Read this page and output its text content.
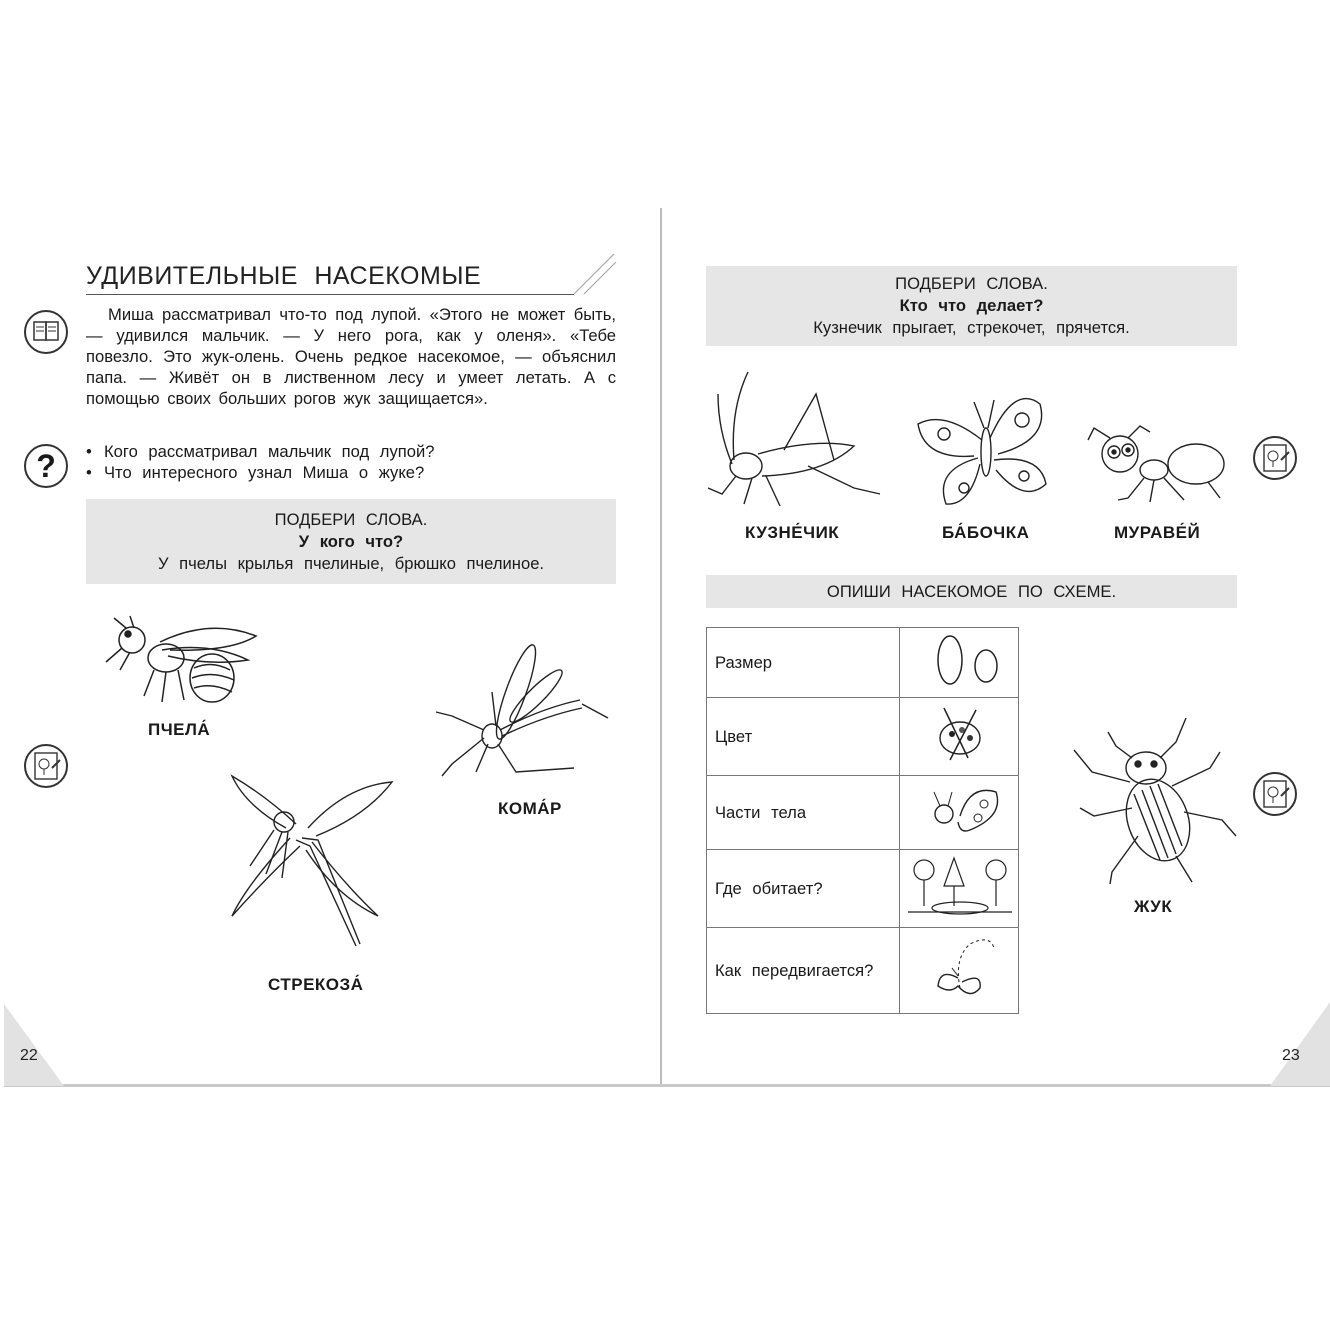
УДИВИТЕЛЬНЫЕ НАСЕКОМЫЕ

Миша рассматривал что-то под лупой. «Этого не может быть, — удивился мальчик. — У него рога, как у оленя». «Тебе повезло. Это жук-олень. Очень редкое насекомое, — объяснил папа. — Живёт он в лиственном лесу и умеет летать. А с помощью своих больших рогов жук защищается».

?
•	Кого рассматривал мальчик под лупой?
• Что интересного узнал Миша о жуке?
ПОДБЕРИ СЛОВА.
У кого что?
У пчелы крылья пчелиные, брюшко пчелиное.
ПЧЕЛА́
КОМА́Р
СТРЕКОЗА́
22
ПОДБЕРИ СЛОВА.
Кто что делает?
Кузнечик прыгает, стрекочет, прячется.
КУЗНЕ́ЧИК	БА́БОЧКА	МУРАВЕ́Й
ОПИШИ НАСЕКОМОЕ ПО СХЕМЕ.
Размер	
Цвет	
Части тела	
Где обитает?	
Как передвигается?	
ЖУК
23
